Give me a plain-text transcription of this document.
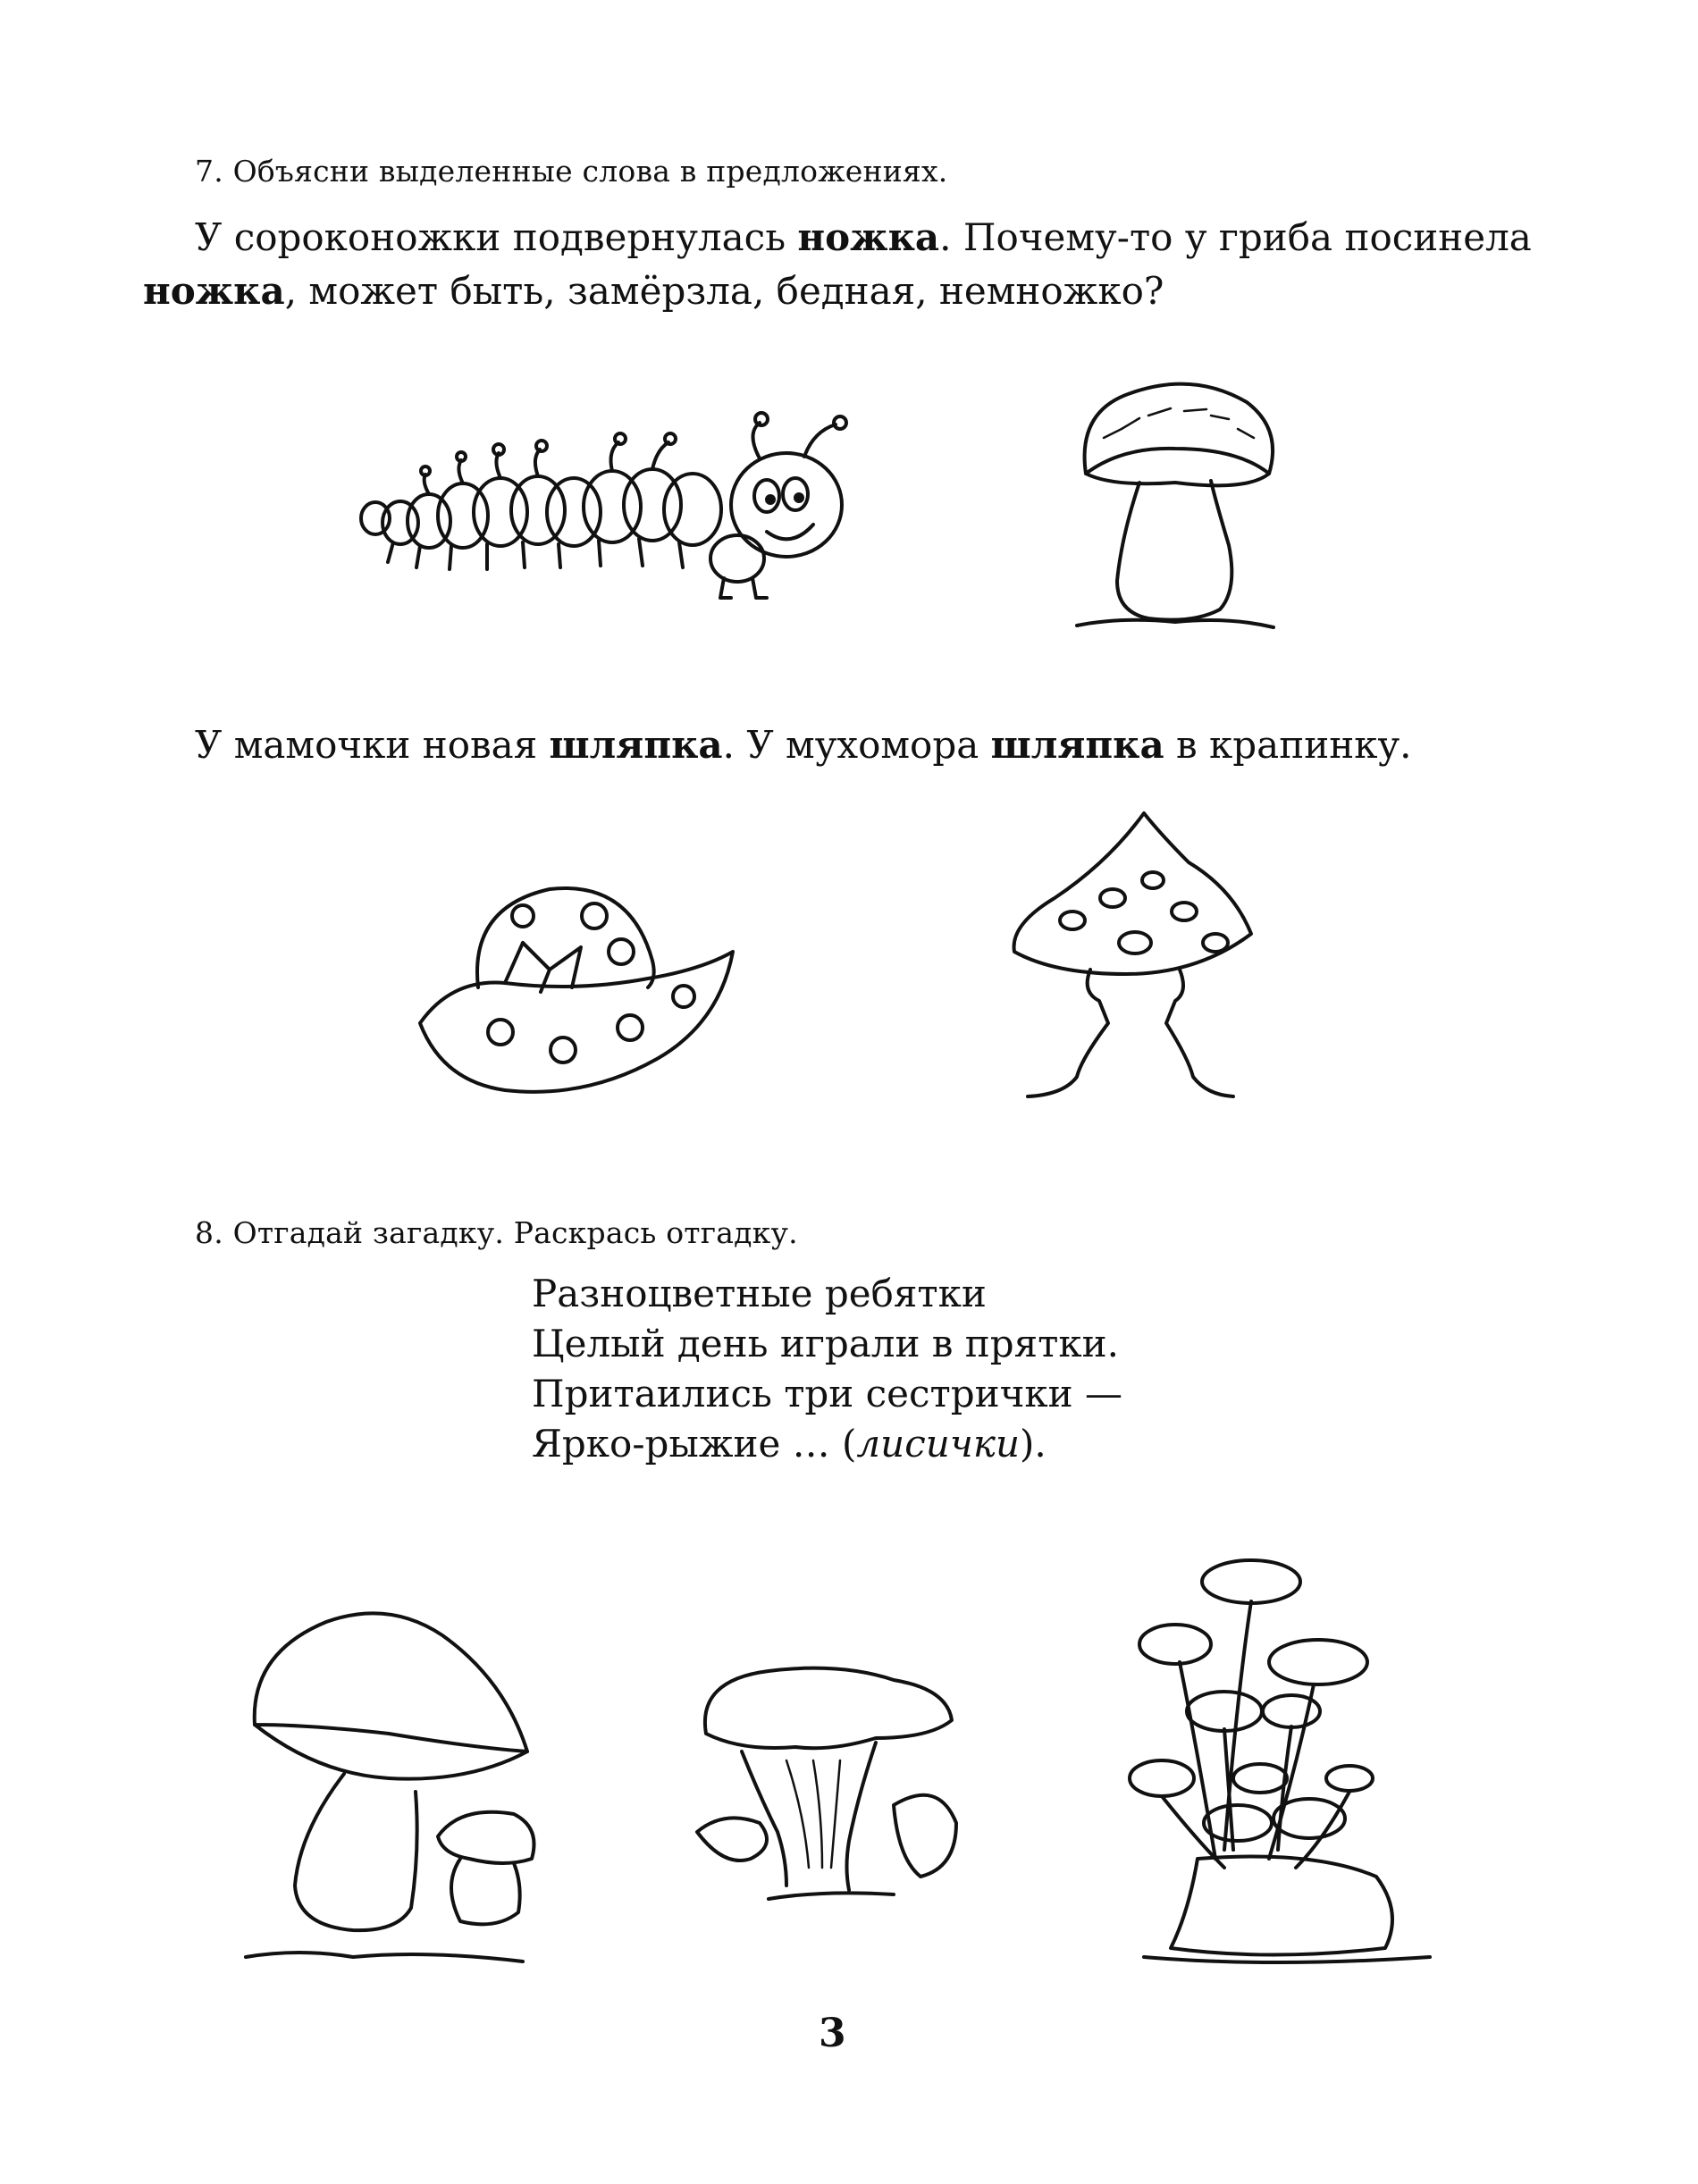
7. Объясни выделенные слова в предложениях.
У сороконожки подвернулась ножка. Почему-то у гриба посинела
ножка, может быть, замёрзла, бедная, немножко?
У мамочки новая шляпка. У мухомора шляпка в крапинку.
8. Отгадай загадку. Раскрась отгадку.
Разноцветные ребятки
Целый день играли в прятки.
Притаились три сестрички —
Ярко-рыжие … (лисички).
3
